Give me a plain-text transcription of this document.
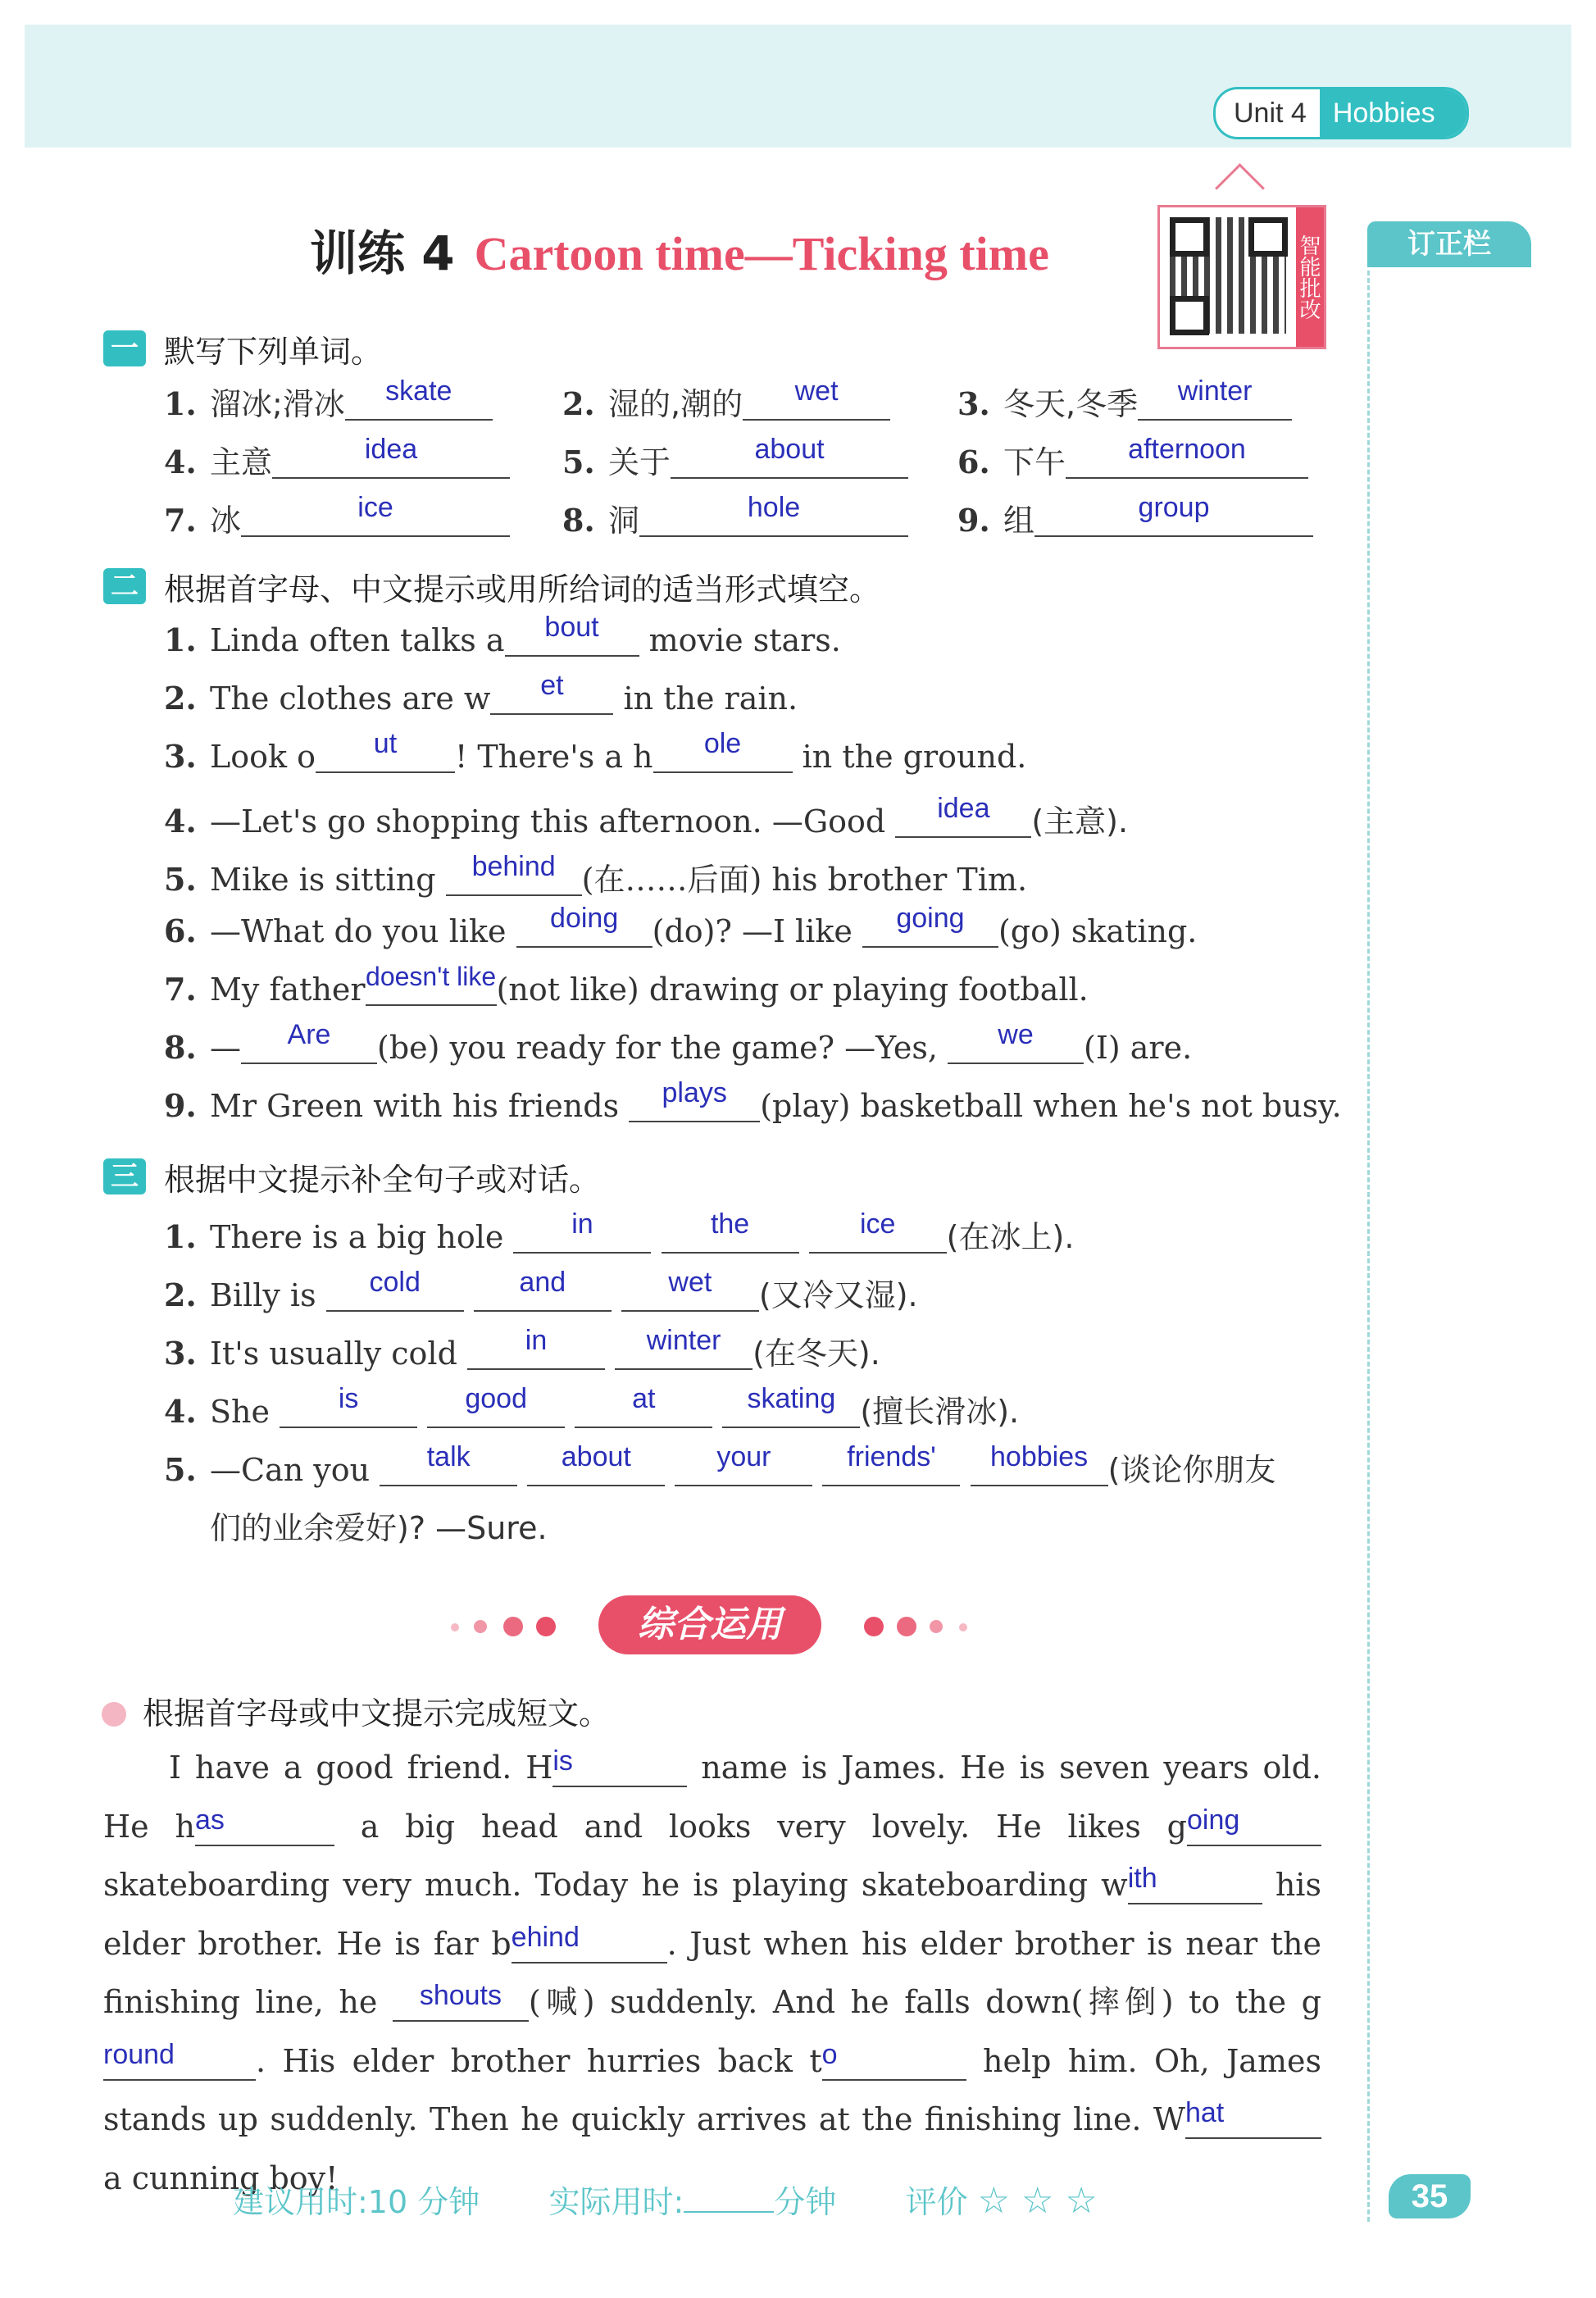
Unit 4 Hobbies
训练 4 Cartoon time—Ticking time	智能批改	订正栏
一 默写下列单词。
1. 溜冰;滑冰 skate	2. 湿的,潮的 wet	3. 冬天,冬季 winter
4. 主意	idea	5. 关于	about	6. 下午 afternoon
7. 冰	ice	8. 洞	hole	9. 组	group
二 根据首字母、中文提示或用所给词的适当形式填空。
1. Linda often talks a bout movie stars.
2. The clothes are w et in the rain.
3. Look o ut ! There's a h ole in the ground.
4. —Let's go shopping this afternoon. —Good idea (主意).
5. Mike is sitting behind (在……后面) his brother Tim.
6. —What do you like doing (do)? —I like going (go) skating.
7. My fatherdoesn't like(not like) drawing or playing football.
8. — Are (be) you ready for the game? —Yes, we (I) are.
9. Mr Green with his friends plays (play) basketball when he's not busy.
三 根据中文提示补全句子或对话。
1. There is a big hole in	the	ice (在冰上).
2. Billy is cold	and	wet (又冷又湿).
3. It's usually cold in	winter (在冬天).
4. She is	good	at	skating (擅长滑冰).
5. —Can you talk	about	your	friends' hobbies (谈论你朋友
们的业余爱好)? —Sure.
综合运用
根据首字母或中文提示完成短文。
I have a good friend. His	name is James. He is seven years old. He has	a big head and looks very lovely. He likes going skateboarding very much. Today he is playing skateboarding with	his elder brother. He is far behind	. Just when his elder brother is near the finishing line, he shouts (喊) suddenly. And he falls down(摔倒) to the ground	. His elder brother hurries back to	help him. Oh, James stands up suddenly. Then he quickly arrives at the finishing line. What a cunning boy!
建议用时:10 分钟 实际用时:	分钟 评价 ☆ ☆ ☆	35
